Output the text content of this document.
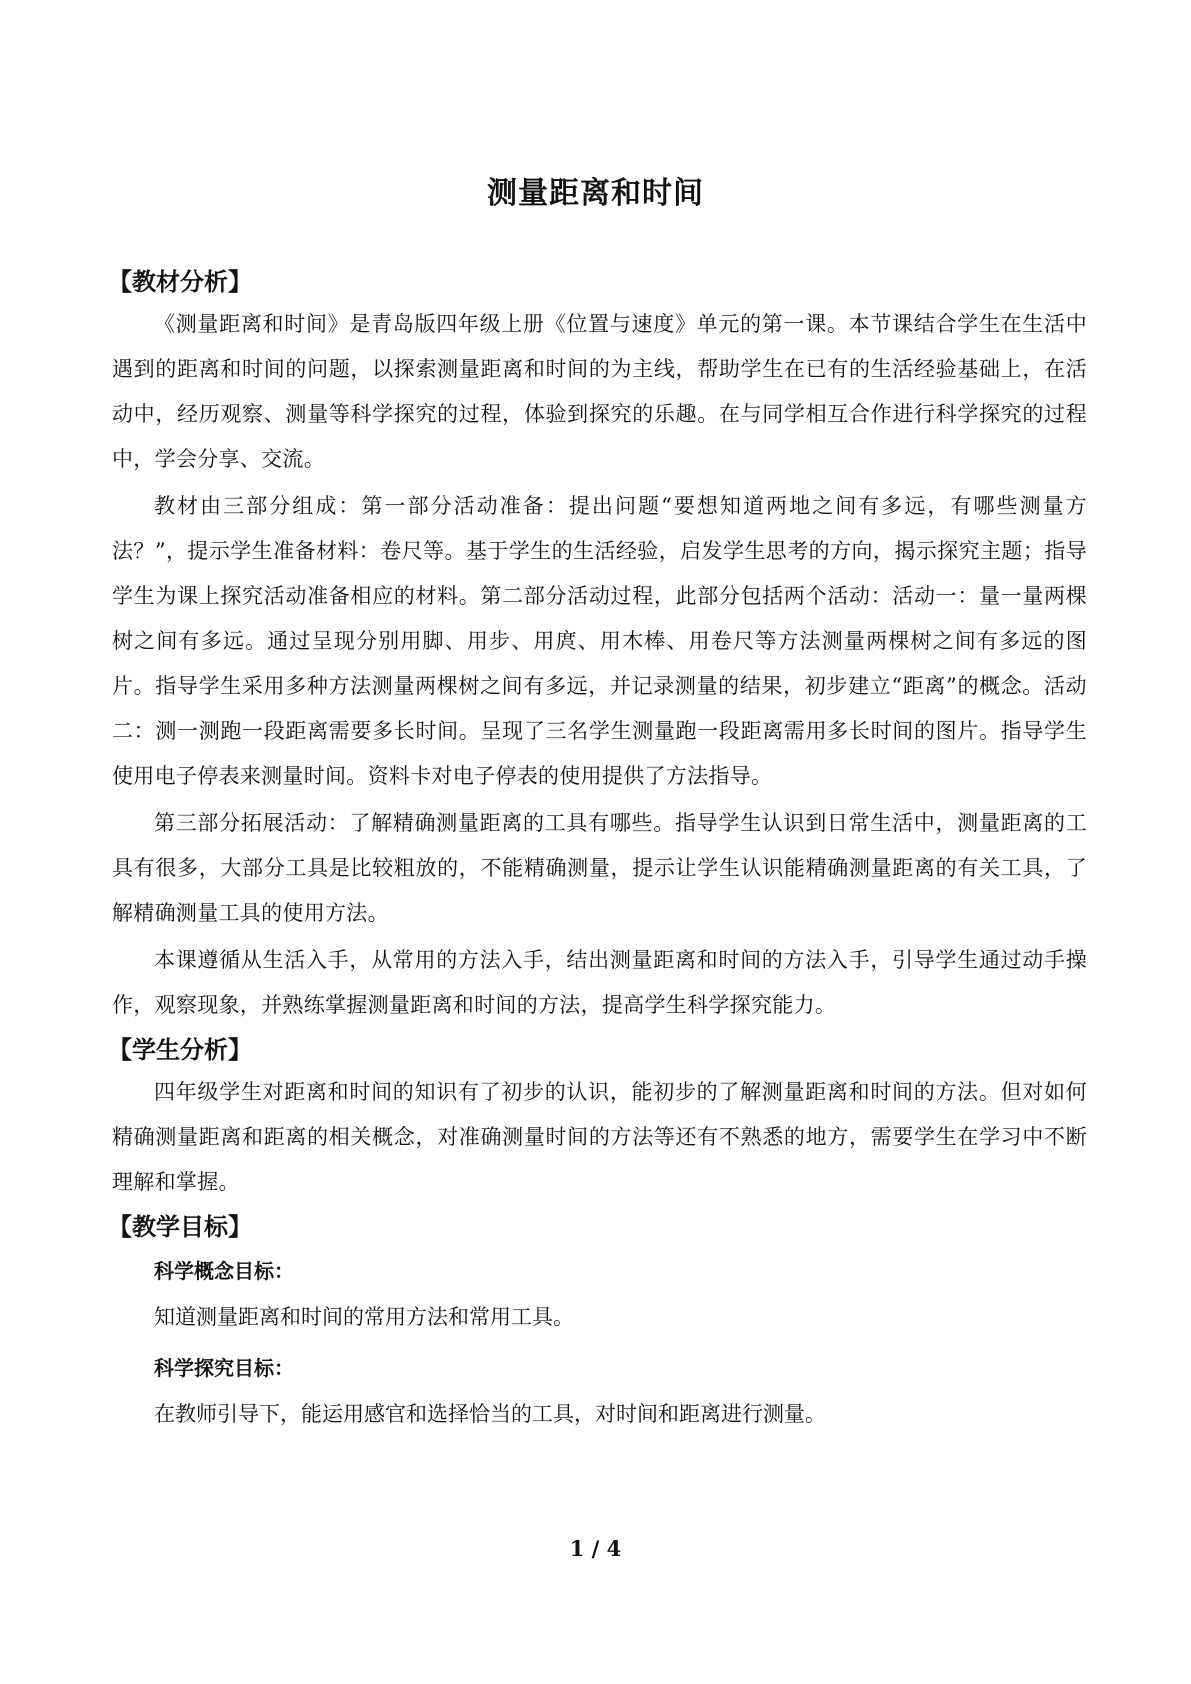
测量距离和时间

【教材分析】

《测量距离和时间》是青岛版四年级上册《位置与速度》单元的第一课。本节课结合学生在生活中遇到的距离和时间的问题，以探索测量距离和时间的为主线，帮助学生在已有的生活经验基础上，在活动中，经历观察、测量等科学探究的过程，体验到探究的乐趣。在与同学相互合作进行科学探究的过程中，学会分享、交流。

教材由三部分组成：第一部分活动准备：提出问题“要想知道两地之间有多远，有哪些测量方法？”，提示学生准备材料：卷尺等。基于学生的生活经验，启发学生思考的方向，揭示探究主题；指导学生为课上探究活动准备相应的材料。第二部分活动过程，此部分包括两个活动：活动一：量一量两棵树之间有多远。通过呈现分别用脚、用步、用庹、用木棒、用卷尺等方法测量两棵树之间有多远的图片。指导学生采用多种方法测量两棵树之间有多远，并记录测量的结果，初步建立“距离”的概念。活动二：测一测跑一段距离需要多长时间。呈现了三名学生测量跑一段距离需用多长时间的图片。指导学生使用电子停表来测量时间。资料卡对电子停表的使用提供了方法指导。

第三部分拓展活动：了解精确测量距离的工具有哪些。指导学生认识到日常生活中，测量距离的工具有很多，大部分工具是比较粗放的，不能精确测量，提示让学生认识能精确测量距离的有关工具，了解精确测量工具的使用方法。

本课遵循从生活入手，从常用的方法入手，结出测量距离和时间的方法入手，引导学生通过动手操作，观察现象，并熟练掌握测量距离和时间的方法，提高学生科学探究能力。

【学生分析】

四年级学生对距离和时间的知识有了初步的认识，能初步的了解测量距离和时间的方法。但对如何精确测量距离和距离的相关概念，对准确测量时间的方法等还有不熟悉的地方，需要学生在学习中不断理解和掌握。

【教学目标】

科学概念目标：

知道测量距离和时间的常用方法和常用工具。

科学探究目标：

在教师引导下，能运用感官和选择恰当的工具，对时间和距离进行测量。

1 / 4
